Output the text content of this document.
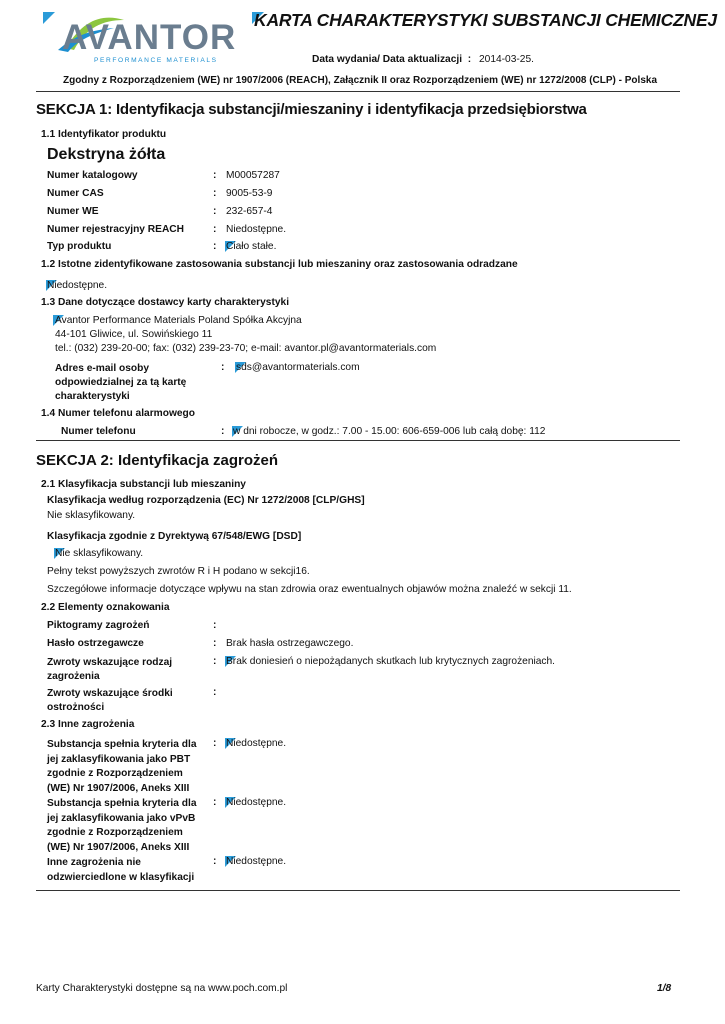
AVANTOR
PERFORMANCE MATERIALS
KARTA CHARAKTERYSTYKI SUBSTANCJI CHEMICZNEJ
Data wydania/ Data aktualizacji  : 2014-03-25.
Zgodny z Rozporządzeniem (WE) nr 1907/2006 (REACH), Załącznik II oraz Rozporządzeniem (WE) nr 1272/2008 (CLP) - Polska
SEKCJA 1: Identyfikacja substancji/mieszaniny i identyfikacja przedsiębiorstwa
1.1 Identyfikator produktu
Dekstryna żółta
Numer katalogowy	: M00057287
Numer CAS	: 9005-53-9
Numer WE	: 232-657-4
Numer rejestracyjny REACH	: Niedostępne.
Typ produktu	: Ciało stałe.
1.2 Istotne zidentyfikowane zastosowania substancji lub mieszaniny oraz zastosowania odradzane
Niedostępne.
1.3 Dane dotyczące dostawcy karty charakterystyki
Avantor Performance Materials Poland Spółka Akcyjna
44-101 Gliwice, ul. Sowińskiego 11
tel.: (032) 239-20-00; fax: (032) 239-23-70; e-mail: avantor.pl@avantormaterials.com
Adres e-mail osoby
odpowiedzialnej za tą kartę
charakterystyki
: sds@avantormaterials.com
1.4 Numer telefonu alarmowego
Numer telefonu	: w dni robocze, w godz.: 7.00 - 15.00: 606-659-006 lub całą dobę: 112
SEKCJA 2: Identyfikacja zagrożeń
2.1 Klasyfikacja substancji lub mieszaniny
Klasyfikacja według rozporządzenia (EC) Nr 1272/2008 [CLP/GHS]
Nie sklasyfikowany.
Klasyfikacja zgodnie z Dyrektywą 67/548/EWG [DSD]
Nie sklasyfikowany.
Pełny tekst powyższych zwrotów R i H podano w sekcji16.
Szczegółowe informacje dotyczące wpływu na stan zdrowia oraz ewentualnych objawów można znaleźć w sekcji 11.
2.2 Elementy oznakowania
Piktogramy zagrożeń	:
Hasło ostrzegawcze	: Brak hasła ostrzegawczego.
Zwroty wskazujące rodzaj
zagrożenia
: Brak doniesień o niepożądanych skutkach lub krytycznych zagrożeniach.
Zwroty wskazujące środki
ostrożności
:
2.3 Inne zagrożenia
Substancja spełnia kryteria dla
jej zaklasyfikowania jako PBT
zgodnie z Rozporządzeniem
(WE) Nr 1907/2006, Aneks XIII
: Niedostępne.
Substancja spełnia kryteria dla
jej zaklasyfikowania jako vPvB
zgodnie z Rozporządzeniem
(WE) Nr 1907/2006, Aneks XIII
: Niedostępne.
Inne zagrożenia nie
odzwierciedlone w klasyfikacji
: Niedostępne.
Karty Charakterystyki dostępne są na www.poch.com.pl	1/8
